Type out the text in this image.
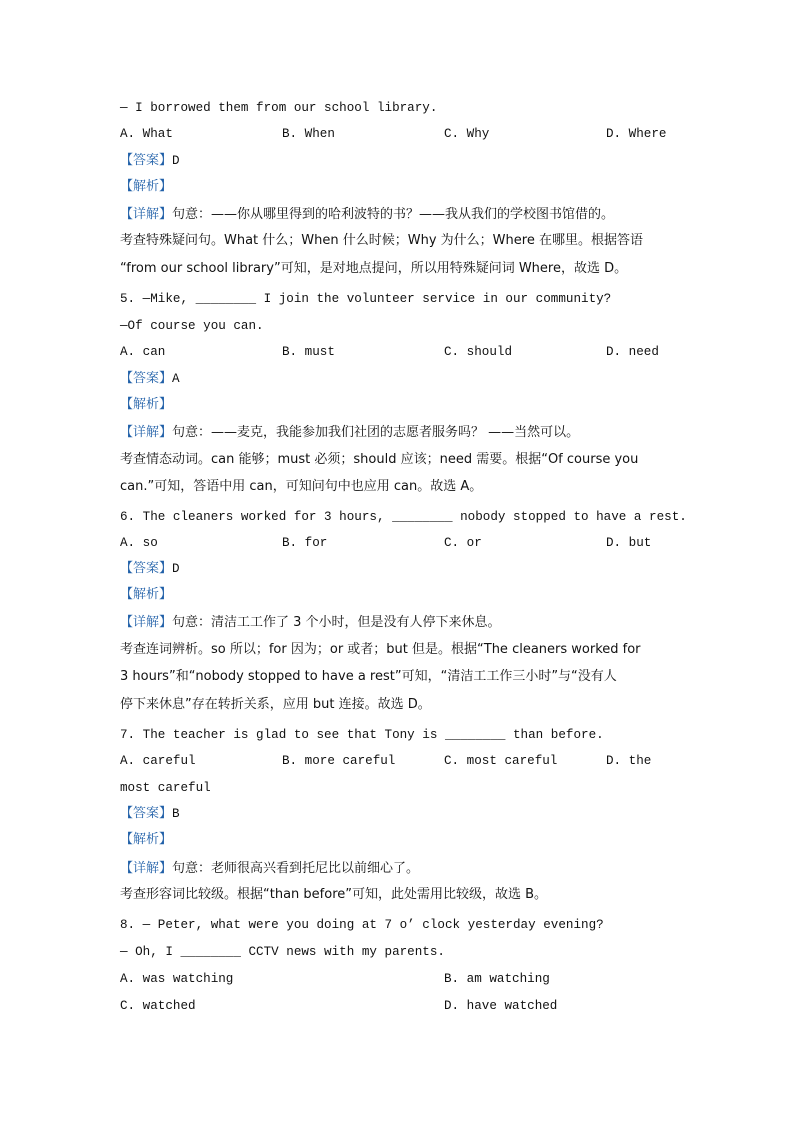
— I borrowed them from our school library.
A. What	B. When	C. Why	D. Where
【答案】D
【解析】
【详解】句意：——你从哪里得到的哈利波特的书？——我从我们的学校图书馆借的。
考查特殊疑问句。What 什么；When 什么时候；Why 为什么；Where 在哪里。根据答语
“from our school library”可知，是对地点提问，所以用特殊疑问词 Where，故选 D。
5. —Mike, ________ I join the volunteer service in our community?
—Of course you can.
A. can	B. must	C. should	D. need
【答案】A
【解析】
【详解】句意：——麦克，我能参加我们社团的志愿者服务吗？ ——当然可以。
考查情态动词。can 能够；must 必须；should 应该；need 需要。根据“Of course you
can.”可知，答语中用 can，可知问句中也应用 can。故选 A。
6. The cleaners worked for 3 hours, ________ nobody stopped to have a rest.
A. so	B. for	C. or	D. but
【答案】D
【解析】
【详解】句意：清洁工工作了 3 个小时，但是没有人停下来休息。
考查连词辨析。so 所以；for 因为；or 或者；but 但是。根据“The cleaners worked for
3 hours”和“nobody stopped to have a rest”可知，“清洁工工作三小时”与“没有人
停下来休息”存在转折关系，应用 but 连接。故选 D。
7. The teacher is glad to see that Tony is ________ than before.
A. careful	B. more careful	C. most careful	D. the
most careful
【答案】B
【解析】
【详解】句意：老师很高兴看到托尼比以前细心了。
考查形容词比较级。根据“than before”可知，此处需用比较级，故选 B。
8. — Peter, what were you doing at 7 o’ clock yesterday evening?
— Oh, I ________ CCTV news with my parents.
A. was watching	B. am watching
C. watched	D. have watched
